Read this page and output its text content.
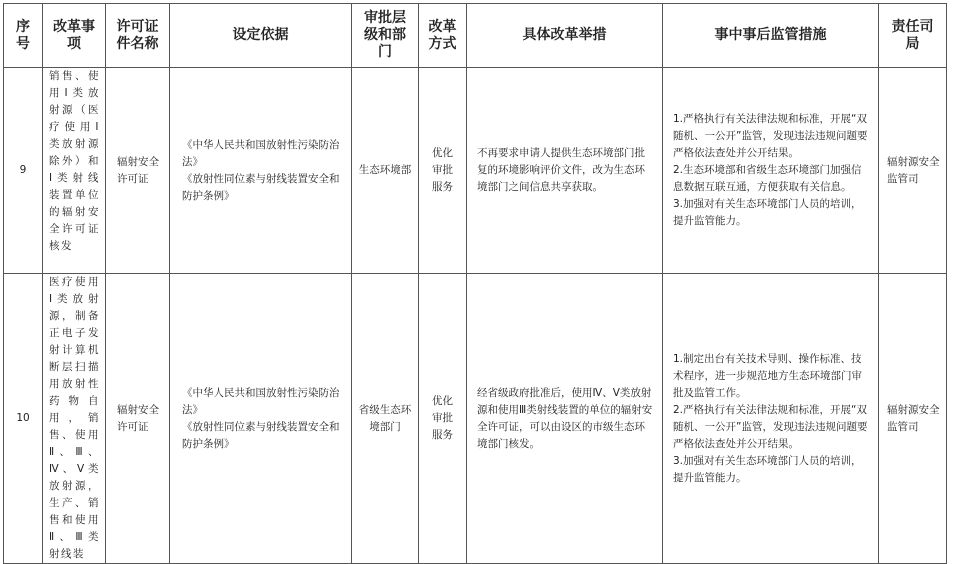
序号	改革事项	许可证件名称	设定依据	审批层级和部门	改革方式	具体改革举措	事中事后监管措施	责任司局
9	销售、使用Ⅰ类放射源（医疗使用Ⅰ类放射源除外）和Ⅰ类射线装置单位的辐射安全许可证核发	辐射安全许可证	《中华人民共和国放射性污染防治法》
《放射性同位素与射线装置安全和防护条例》	生态环境部	优化审批服务	不再要求申请人提供生态环境部门批复的环境影响评价文件，改为生态环境部门之间信息共享获取。	1.严格执行有关法律法规和标准，开展“双随机、一公开”监管，发现违法违规问题要严格依法查处并公开结果。
2.生态环境部和省级生态环境部门加强信息数据互联互通，方便获取有关信息。
3.加强对有关生态环境部门人员的培训，提升监管能力。	辐射源安全监管司
10	医疗使用Ⅰ类放射源，制备正电子发射计算机断层扫描用放射性药物自用，销售、使用Ⅱ、Ⅲ、Ⅳ、Ⅴ类放射源，生产、销售和使用Ⅱ、Ⅲ类射线装	辐射安全许可证	《中华人民共和国放射性污染防治法》
《放射性同位素与射线装置安全和防护条例》	省级生态环境部门	优化审批服务	经省级政府批准后，使用Ⅳ、Ⅴ类放射源和使用Ⅲ类射线装置的单位的辐射安全许可证，可以由设区的市级生态环境部门核发。	1.制定出台有关技术导则、操作标准、技术程序，进一步规范地方生态环境部门审批及监管工作。
2.严格执行有关法律法规和标准，开展“双随机、一公开”监管，发现违法违规问题要严格依法查处并公开结果。
3.加强对有关生态环境部门人员的培训，提升监管能力。	辐射源安全监管司
